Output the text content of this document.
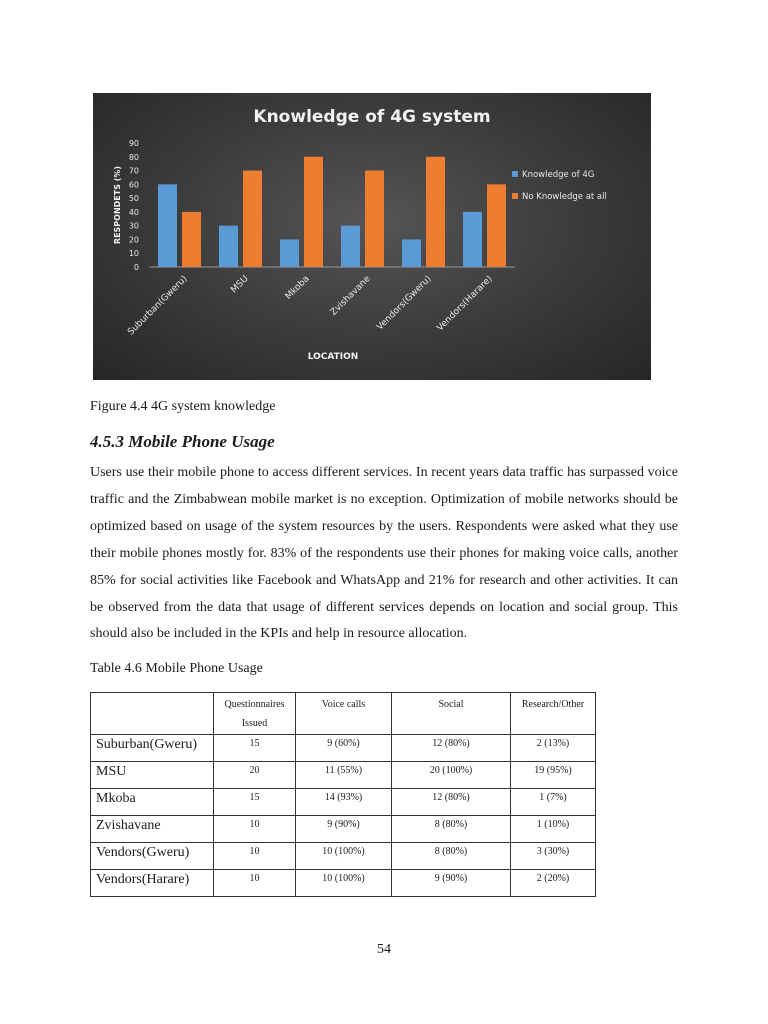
Knowledge of 4G system
RESPONDETS (%)
LOCATION
0
10
20
30
40
50
60
70
80
90
Suburban(Gweru)	MSU	Mkoba Zvishavane Vendors(Gweru) Vendors(Harare)
Knowledge of 4G
No Knowledge at all
Figure 4.4 4G system knowledge
4.5.3 Mobile Phone Usage
Users use their mobile phone to access different services. In recent years data traffic has surpassed voice traffic and the Zimbabwean mobile market is no exception. Optimization of mobile networks should be optimized based on usage of the system resources by the users. Respondents were asked what they use their mobile phones mostly for. 83% of the respondents use their phones for making voice calls, another 85% for social activities like Facebook and WhatsApp and 21% for research and other activities. It can be observed from the data that usage of different services depends on location and social group. This should also be included in the KPIs and help in resource allocation.
Table 4.6 Mobile Phone Usage
	Questionnaires Issued	Voice calls	Social	Research/Other
Suburban(Gweru)	15	9 (60%)	12 (80%)	2 (13%)
MSU	20	11 (55%)	20 (100%)	19 (95%)
Mkoba	15	14 (93%)	12 (80%)	1 (7%)
Zvishavane	10	9 (90%)	8 (80%)	1 (10%)
Vendors(Gweru)	10	10 (100%)	8 (80%)	3 (30%)
Vendors(Harare)	10	10 (100%)	9 (90%)	2 (20%)
54
